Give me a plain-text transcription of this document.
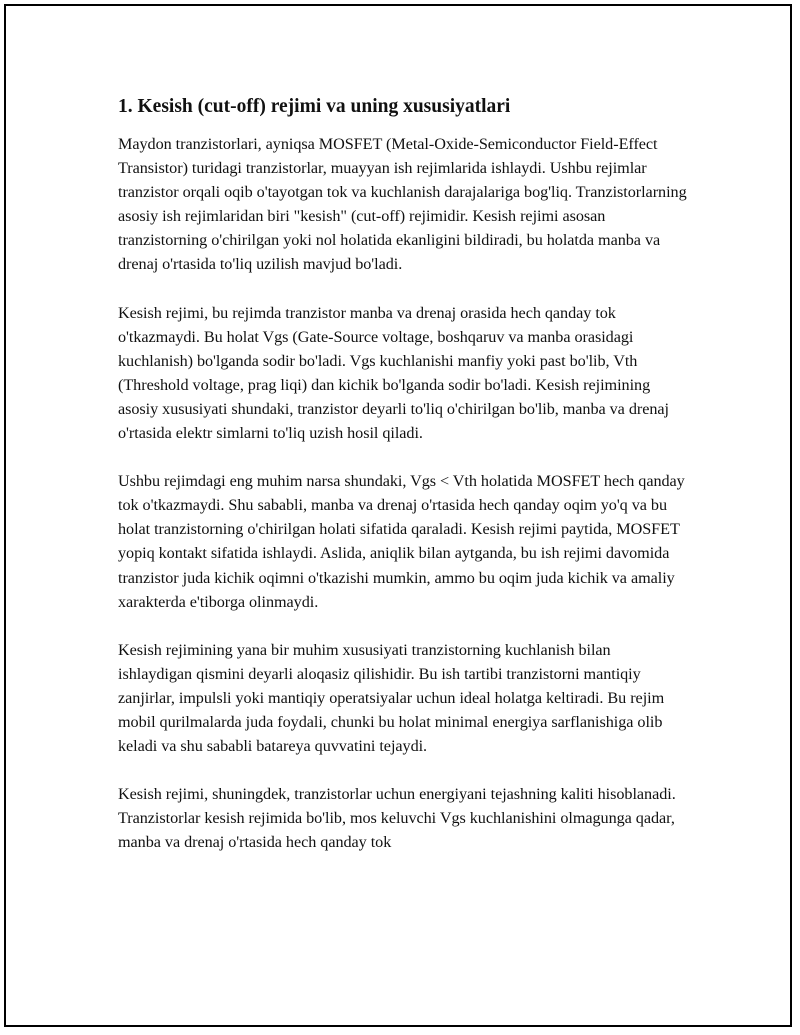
1. Kesish (cut-off) rejimi va uning xususiyatlari

Maydon tranzistorlari, ayniqsa MOSFET (Metal-Oxide-Semiconductor Field-Effect Transistor) turidagi tranzistorlar, muayyan ish rejimlarida ishlaydi. Ushbu rejimlar tranzistor orqali oqib o'tayotgan tok va kuchlanish darajalariga bog'liq. Tranzistorlarning asosiy ish rejimlaridan biri "kesish" (cut-off) rejimidir. Kesish rejimi asosan tranzistorning o'chirilgan yoki nol holatida ekanligini bildiradi, bu holatda manba va drenaj o'rtasida to'liq uzilish mavjud bo'ladi.

Kesish rejimi, bu rejimda tranzistor manba va drenaj orasida hech qanday tok o'tkazmaydi. Bu holat Vgs (Gate-Source voltage, boshqaruv va manba orasidagi kuchlanish) bo'lganda sodir bo'ladi. Vgs kuchlanishi manfiy yoki past bo'lib, Vth (Threshold voltage, prag liqi) dan kichik bo'lganda sodir bo'ladi. Kesish rejimining asosiy xususiyati shundaki, tranzistor deyarli to'liq o'chirilgan bo'lib, manba va drenaj o'rtasida elektr simlarni to'liq uzish hosil qiladi.

Ushbu rejimdagi eng muhim narsa shundaki, Vgs < Vth holatida MOSFET hech qanday tok o'tkazmaydi. Shu sababli, manba va drenaj o'rtasida hech qanday oqim yo'q va bu holat tranzistorning o'chirilgan holati sifatida qaraladi. Kesish rejimi paytida, MOSFET yopiq kontakt sifatida ishlaydi. Aslida, aniqlik bilan aytganda, bu ish rejimi davomida tranzistor juda kichik oqimni o'tkazishi mumkin, ammo bu oqim juda kichik va amaliy xarakterda e'tiborga olinmaydi.

Kesish rejimining yana bir muhim xususiyati tranzistorning kuchlanish bilan ishlaydigan qismini deyarli aloqasiz qilishidir. Bu ish tartibi tranzistorni mantiqiy zanjirlar, impulsli yoki mantiqiy operatsiyalar uchun ideal holatga keltiradi. Bu rejim mobil qurilmalarda juda foydali, chunki bu holat minimal energiya sarflanishiga olib keladi va shu sababli batareya quvvatini tejaydi.

Kesish rejimi, shuningdek, tranzistorlar uchun energiyani tejashning kaliti hisoblanadi. Tranzistorlar kesish rejimida bo'lib, mos keluvchi Vgs kuchlanishini olmagunga qadar, manba va drenaj o'rtasida hech qanday tok
